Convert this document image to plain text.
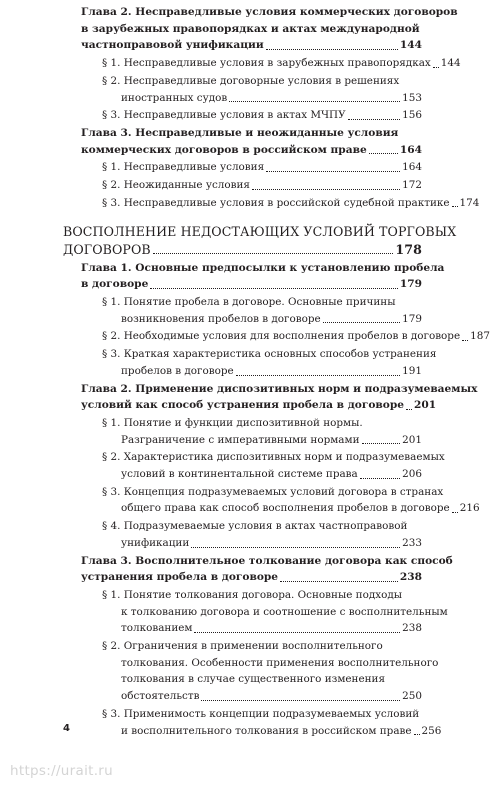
Глава 2. Несправедливые условия коммерческих договоров
в зарубежных правопорядках и актах международной
частноправовой унификации	144
§ 1. Несправедливые условия в зарубежных правопорядках 144
§ 2. Несправедливые договорные условия в решениях
иностранных судов	153
§ 3. Несправедливые условия в актах МЧПУ	156
Глава 3. Несправедливые и неожиданные условия
коммерческих договоров в российском праве	164
§ 1. Несправедливые условия	164
§ 2. Неожиданные условия	172
§ 3. Несправедливые условия в российской судебной практике 174
ВОСПОЛНЕНИЕ НЕДОСТАЮЩИХ УСЛОВИЙ ТОРГОВЫХ
ДОГОВОРОВ	178
Глава 1. Основные предпосылки к установлению пробела
в договоре	179
§ 1. Понятие пробела в договоре. Основные причины
возникновения пробелов в договоре	179
§ 2. Необходимые условия для восполнения пробелов в договоре 187
§ 3. Краткая характеристика основных способов устранения
пробелов в договоре	191
Глава 2. Применение диспозитивных норм и подразумеваемых
условий как способ устранения пробела в договоре 201
§ 1. Понятие и функции диспозитивной нормы.
Разграничение с императивными нормами	201
§ 2. Характеристика диспозитивных норм и подразумеваемых
условий в континентальной системе права	206
§ 3. Концепция подразумеваемых условий договора в странах
общего права как способ восполнения пробелов в договоре 216
§ 4. Подразумеваемые условия в актах частноправовой
унификации	233
Глава 3. Восполнительное толкование договора как способ
устранения пробела в договоре	238
§ 1. Понятие толкования договора. Основные подходы
к толкованию договора и соотношение с восполнительным
толкованием	238
§ 2. Ограничения в применении восполнительного
толкования. Особенности применения восполнительного
толкования в случае существенного изменения
обстоятельств	250
§ 3. Применимость концепции подразумеваемых условий
и восполнительного толкования в российском праве 256
4
https://urait.ru
